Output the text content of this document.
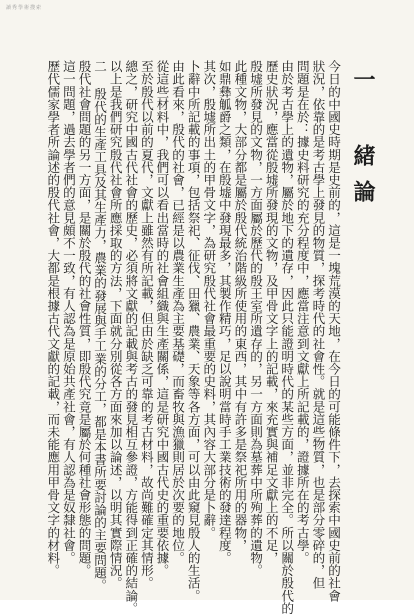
讀秀學術搜索
一 緒論
今日的中國史時期是史前的，這是一塊荒漠的天地，在今日的可能條件下，去探索中國史前的社會
狀況，依靠的是考古學上發見的物質，探考時代的社會性。就是這些物質，也是部分零碎的，但
問題是在於：據史料研究的充分程度中，應當注意到文獻上所記載的，證據所在的考古學。
由於考古學上的遺物，屬於地下的遺存，因此只能證明時代的某些方面，並非完全。所以關於殷代的
歷史狀況，應當從殷墟所發現的文物，及甲骨文字上的記載，來充實與補足文獻上的不足，
殷墟所發見的文物，一方面屬於歷代的殷王室所遺存的，另一方面則為墓葬中所殉葬的遺物。
此種文物，大部分都是屬於殷代統治階級所使用的東西，其中有許多是祭祀所用的器物，
如鼎彝觚爵之類，在殷墟中發現最多，其製作精巧，足以說明當時手工業技術的發達程度。
其次，殷墟所出土的甲骨文字，為研究殷代社會最重要的史料，其內容大部分是卜辭。
卜辭中所記載的事項，包括祭祀、征伐、田獵、農業、天象等各方面，可以由此窺見殷人的生活。
由此看來，殷代的社會，已經是以農業生產為主要基礎，而畜牧與漁獵則居於次要的地位。
從這些材料中，我們可以看出當時的社會組織與生產關係，這是研究中國古代史的重要依據。
至於殷代以前的夏代，文獻上雖然有所記載，但由於缺乏可靠的考古材料，故尚難確定其情形。
總之，研究中國古代社會的歷史，必須將文獻的記載與考古的發見相互參證，方能得到正確的結論。
以上是我們研究殷代社會所應採取的方法，下面就分別從各方面來加以論述，以明其實際情況。
二 殷代的生產工具及其生產力，農業的發展與手工業的分工，都是本書所要討論的主要問題。
殷代社會問題的另一方面，是關於殷代的社會性質，即殷代究竟是屬於何種社會形態的問題。
這一問題，過去學者們的意見頗不一致，有人認為是原始共產社會，有人認為是奴隸社會。
歷代儒家學者所論述的殷代社會，大都是根據古代文獻的記載，而未能應用甲骨文字的材料。
